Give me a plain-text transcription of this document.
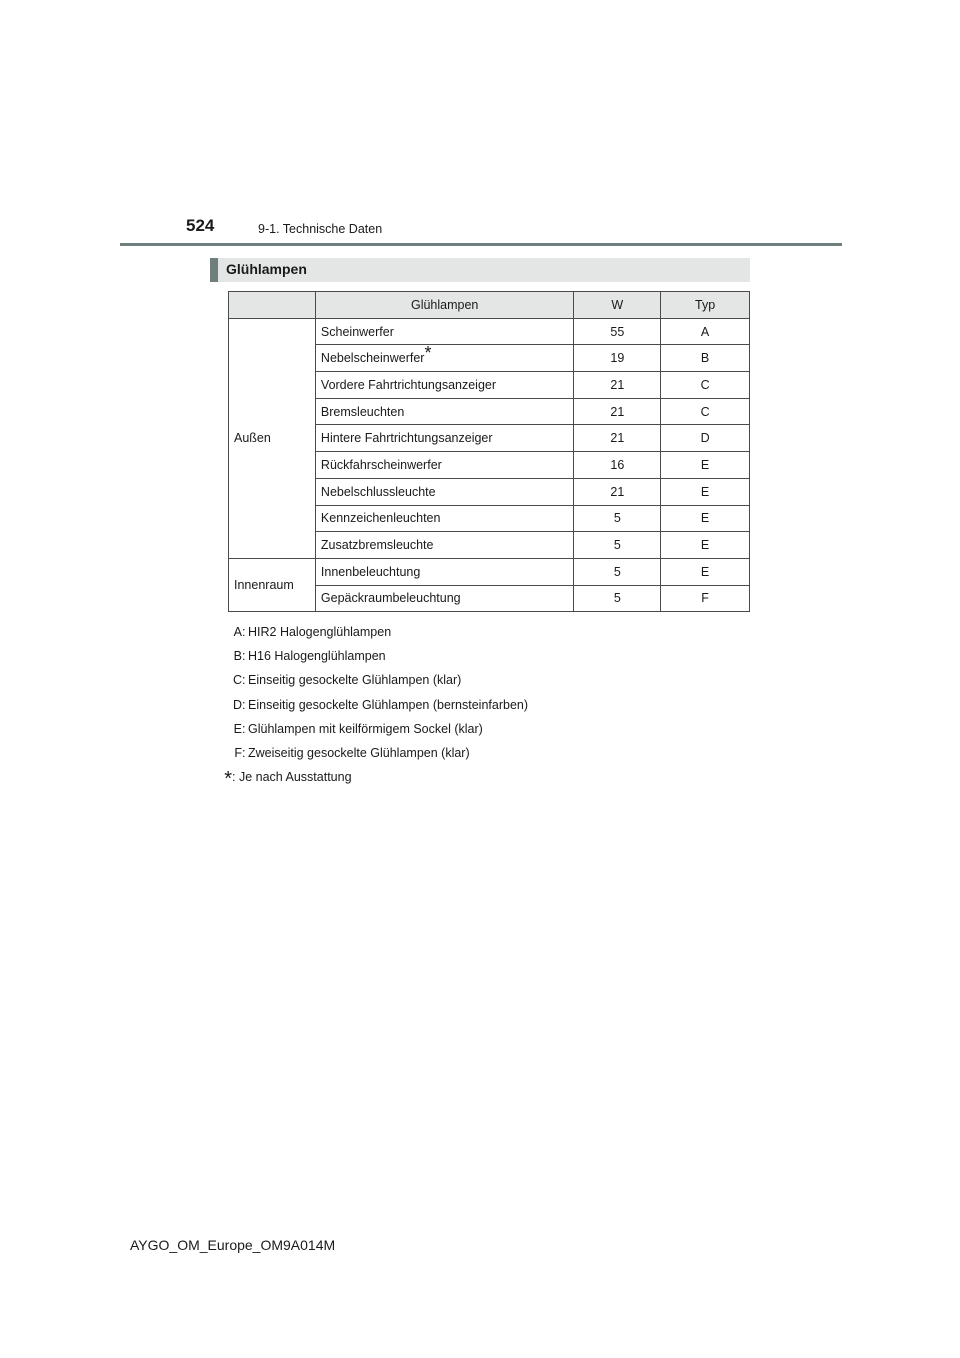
524	9-1. Technische Daten
Glühlampen
	Glühlampen	W	Typ
Außen	Scheinwerfer	55	A
	Nebelscheinwerfer*	19	B
	Vordere Fahrtrichtungsanzeiger	21	C
	Bremsleuchten	21	C
	Hintere Fahrtrichtungsanzeiger	21	D
	Rückfahrscheinwerfer	16	E
	Nebelschlussleuchte	21	E
	Kennzeichenleuchten	5	E
	Zusatzbremsleuchte	5	E
Innenraum	Innenbeleuchtung	5	E
	Gepäckraumbeleuchtung	5	F
A : HIR2 Halogenglühlampen
B : H16 Halogenglühlampen
C : Einseitig gesockelte Glühlampen (klar)
D : Einseitig gesockelte Glühlampen (bernsteinfarben)
E : Glühlampen mit keilförmigem Sockel (klar)
F : Zweiseitig gesockelte Glühlampen (klar)
* : Je nach Ausstattung
AYGO_OM_Europe_OM9A014M
